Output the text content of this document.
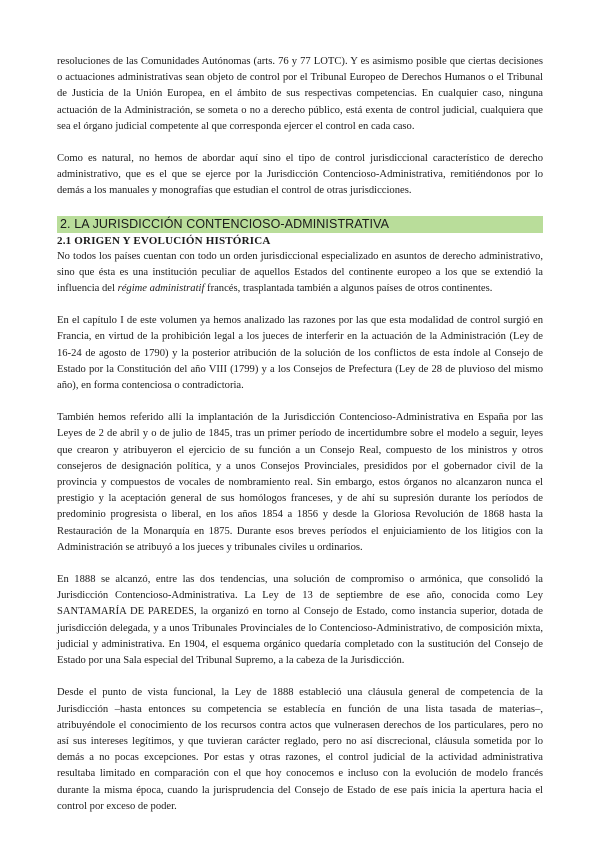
resoluciones de las Comunidades Autónomas (arts. 76 y 77 LOTC). Y es asimismo posible que ciertas decisiones o actuaciones administrativas sean objeto de control por el Tribunal Europeo de Derechos Humanos o el Tribunal de Justicia de la Unión Europea, en el ámbito de sus respectivas competencias. En cualquier caso, ninguna actuación de la Administración, se someta o no a derecho público, está exenta de control judicial, cualquiera que sea el órgano judicial competente al que corresponda ejercer el control en cada caso.

Como es natural, no hemos de abordar aquí sino el tipo de control jurisdiccional característico de derecho administrativo, que es el que se ejerce por la Jurisdicción Contencioso-Administrativa, remitiéndonos por lo demás a los manuales y monografías que estudian el control de otras jurisdicciones.

2. LA JURISDICCIÓN CONTENCIOSO-ADMINISTRATIVA
2.1 ORIGEN Y EVOLUCIÓN HISTÓRICA

No todos los países cuentan con todo un orden jurisdiccional especializado en asuntos de derecho administrativo, sino que ésta es una institución peculiar de aquellos Estados del continente europeo a los que se extendió la influencia del régime administratif francés, trasplantada también a algunos países de otros continentes.

En el capítulo I de este volumen ya hemos analizado las razones por las que esta modalidad de control surgió en Francia, en virtud de la prohibición legal a los jueces de interferir en la actuación de la Administración (Ley de 16-24 de agosto de 1790) y la posterior atribución de la solución de los conflictos de esta índole al Consejo de Estado por la Constitución del año VIII (1799) y a los Consejos de Prefectura (Ley de 28 de pluvioso del mismo año), en forma contenciosa o contradictoria.

También hemos referido allí la implantación de la Jurisdicción Contencioso-Administrativa en España por las Leyes de 2 de abril y o de julio de 1845, tras un primer período de incertidumbre sobre el modelo a seguir, leyes que crearon y atribuyeron el ejercicio de su función a un Consejo Real, compuesto de los ministros y otros consejeros de designación política, y a unos Consejos Provinciales, presididos por el gobernador civil de la provincia y compuestos de vocales de nombramiento real. Sin embargo, estos órganos no alcanzaron nunca el prestigio y la aceptación general de sus homólogos franceses, y de ahí su supresión durante los períodos de predominio progresista o liberal, en los años 1854 a 1856 y desde la Gloriosa Revolución de 1868 hasta la Restauración de la Monarquía en 1875. Durante esos breves períodos el enjuiciamiento de los litigios con la Administración se atribuyó a los jueces y tribunales civiles u ordinarios.

En 1888 se alcanzó, entre las dos tendencias, una solución de compromiso o armónica, que consolidó la Jurisdicción Contencioso-Administrativa. La Ley de 13 de septiembre de ese año, conocida como Ley SANTAMARÍA DE PAREDES, la organizó en torno al Consejo de Estado, como instancia superior, dotada de jurisdicción delegada, y a unos Tribunales Provinciales de lo Contencioso-Administrativo, de composición mixta, judicial y administrativa. En 1904, el esquema orgánico quedaría completado con la sustitución del Consejo de Estado por una Sala especial del Tribunal Supremo, a la cabeza de la Jurisdicción.

Desde el punto de vista funcional, la Ley de 1888 estableció una cláusula general de competencia de la Jurisdicción –hasta entonces su competencia se establecía en función de una lista tasada de materias–, atribuyéndole el conocimiento de los recursos contra actos que vulnerasen derechos de los particulares, pero no así sus intereses legítimos, y que tuvieran carácter reglado, pero no así discrecional, cláusula sometida por lo demás a no pocas excepciones. Por estas y otras razones, el control judicial de la actividad administrativa resultaba limitado en comparación con el que hoy conocemos e incluso con la evolución de modelo francés durante la misma época, cuando la jurisprudencia del Consejo de Estado de ese país inicia la apertura hacia el control por exceso de poder.
